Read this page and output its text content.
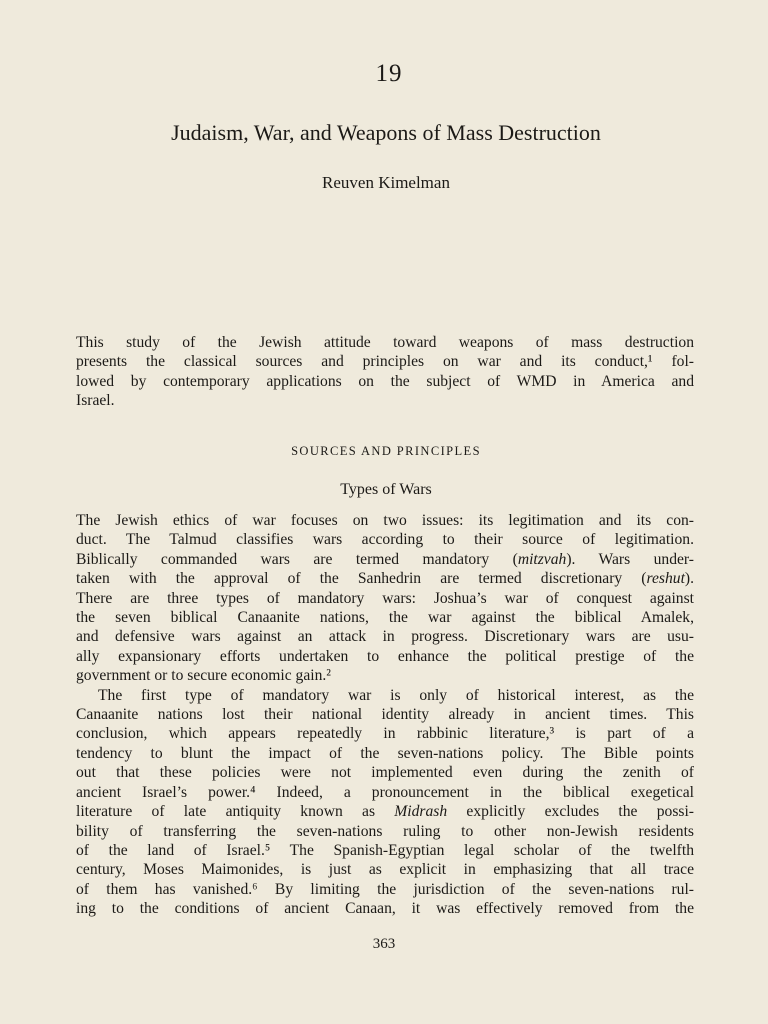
19
Judaism, War, and Weapons of Mass Destruction
Reuven Kimelman
This study of the Jewish attitude toward weapons of mass destruction
presents the classical sources and principles on war and its conduct,¹ fol-
lowed by contemporary applications on the subject of WMD in America and
Israel.
SOURCES AND PRINCIPLES
Types of Wars
The Jewish ethics of war focuses on two issues: its legitimation and its con-
duct. The Talmud classifies wars according to their source of legitimation.
Biblically commanded wars are termed mandatory (mitzvah). Wars under-
taken with the approval of the Sanhedrin are termed discretionary (reshut).
There are three types of mandatory wars: Joshua’s war of conquest against
the seven biblical Canaanite nations, the war against the biblical Amalek,
and defensive wars against an attack in progress. Discretionary wars are usu-
ally expansionary efforts undertaken to enhance the political prestige of the
government or to secure economic gain.²
The first type of mandatory war is only of historical interest, as the
Canaanite nations lost their national identity already in ancient times. This
conclusion, which appears repeatedly in rabbinic literature,³ is part of a
tendency to blunt the impact of the seven-nations policy. The Bible points
out that these policies were not implemented even during the zenith of
ancient Israel’s power.⁴ Indeed, a pronouncement in the biblical exegetical
literature of late antiquity known as Midrash explicitly excludes the possi-
bility of transferring the seven-nations ruling to other non-Jewish residents
of the land of Israel.⁵ The Spanish-Egyptian legal scholar of the twelfth
century, Moses Maimonides, is just as explicit in emphasizing that all trace
of them has vanished.⁶ By limiting the jurisdiction of the seven-nations rul-
ing to the conditions of ancient Canaan, it was effectively removed from the
363
